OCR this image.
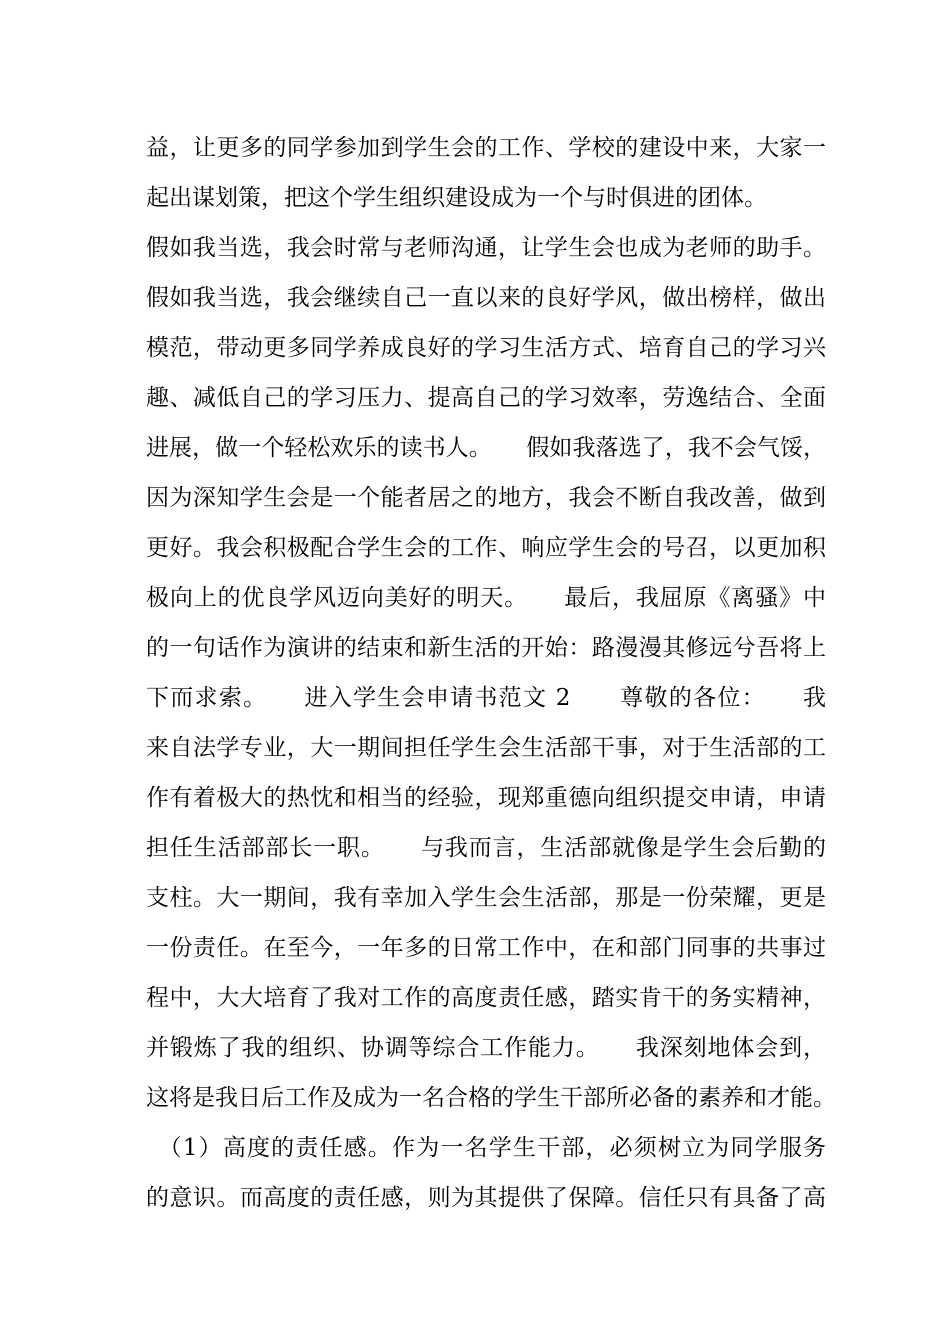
益，让更多的同学参加到学生会的工作、学校的建设中来，大家一
起出谋划策，把这个学生组织建设成为一个与时俱进的团体。
假如我当选，我会时常与老师沟通，让学生会也成为老师的助手。
假如我当选，我会继续自己一直以来的良好学风，做出榜样，做出
模范，带动更多同学养成良好的学习生活方式、培育自己的学习兴
趣、减低自己的学习压力、提高自己的学习效率，劳逸结合、全面
进展，做一个轻松欢乐的读书人。　　假如我落选了，我不会气馁，
因为深知学生会是一个能者居之的地方，我会不断自我改善，做到
更好。我会积极配合学生会的工作、响应学生会的号召，以更加积
极向上的优良学风迈向美好的明天。　　最后，我屈原《离骚》中
的一句话作为演讲的结束和新生活的开始：路漫漫其修远兮吾将上
下而求索。　　进入学生会申请书范文 2　　尊敬的各位：　　我
来自法学专业，大一期间担任学生会生活部干事，对于生活部的工
作有着极大的热忱和相当的经验，现郑重德向组织提交申请，申请
担任生活部部长一职。　　与我而言，生活部就像是学生会后勤的
支柱。大一期间，我有幸加入学生会生活部，那是一份荣耀，更是
一份责任。在至今，一年多的日常工作中，在和部门同事的共事过
程中，大大培育了我对工作的高度责任感，踏实肯干的务实精神，
并锻炼了我的组织、协调等综合工作能力。　　我深刻地体会到，
这将是我日后工作及成为一名合格的学生干部所必备的素养和才能。
　（1）高度的责任感。作为一名学生干部，必须树立为同学服务
的意识。而高度的责任感，则为其提供了保障。信任只有具备了高
